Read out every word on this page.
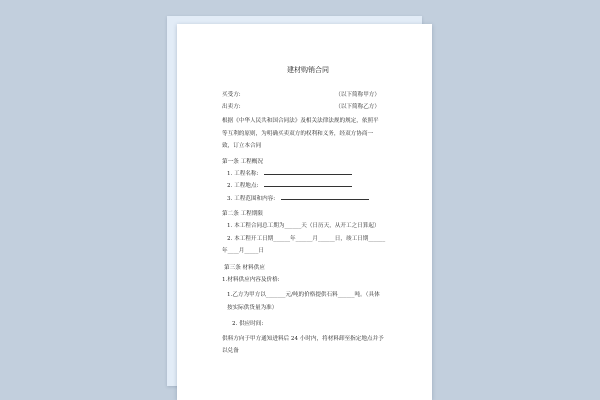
建材购销合同
买受方:	（以下简称甲方）
出卖方:	（以下简称乙方）
根据《中华人民共和国合同法》及相关法律法规的规定，依照平等互利的原则，为明确买卖双方的权利和义务，经双方协商一致，订立本合同
第一条 工程概况
1. 工程名称:
2. 工程地点:
3. 工程范围和内容:
第二条 工程期限
1. 本工程合同总工期为______天（日历天，从开工之日算起）
2. 本工程开工日期______年______月______日，竣工日期______
年____月_____日
第三条 材料供应
1.材料供应内容及价格:
1.乙方为甲方以_______元/吨的价格提供石料______吨。（具体按实际供货量为准）
2. 供应时间:
供料方向于甲方通知进料后 24 小时内，将材料卸至指定地点并予以兑备
